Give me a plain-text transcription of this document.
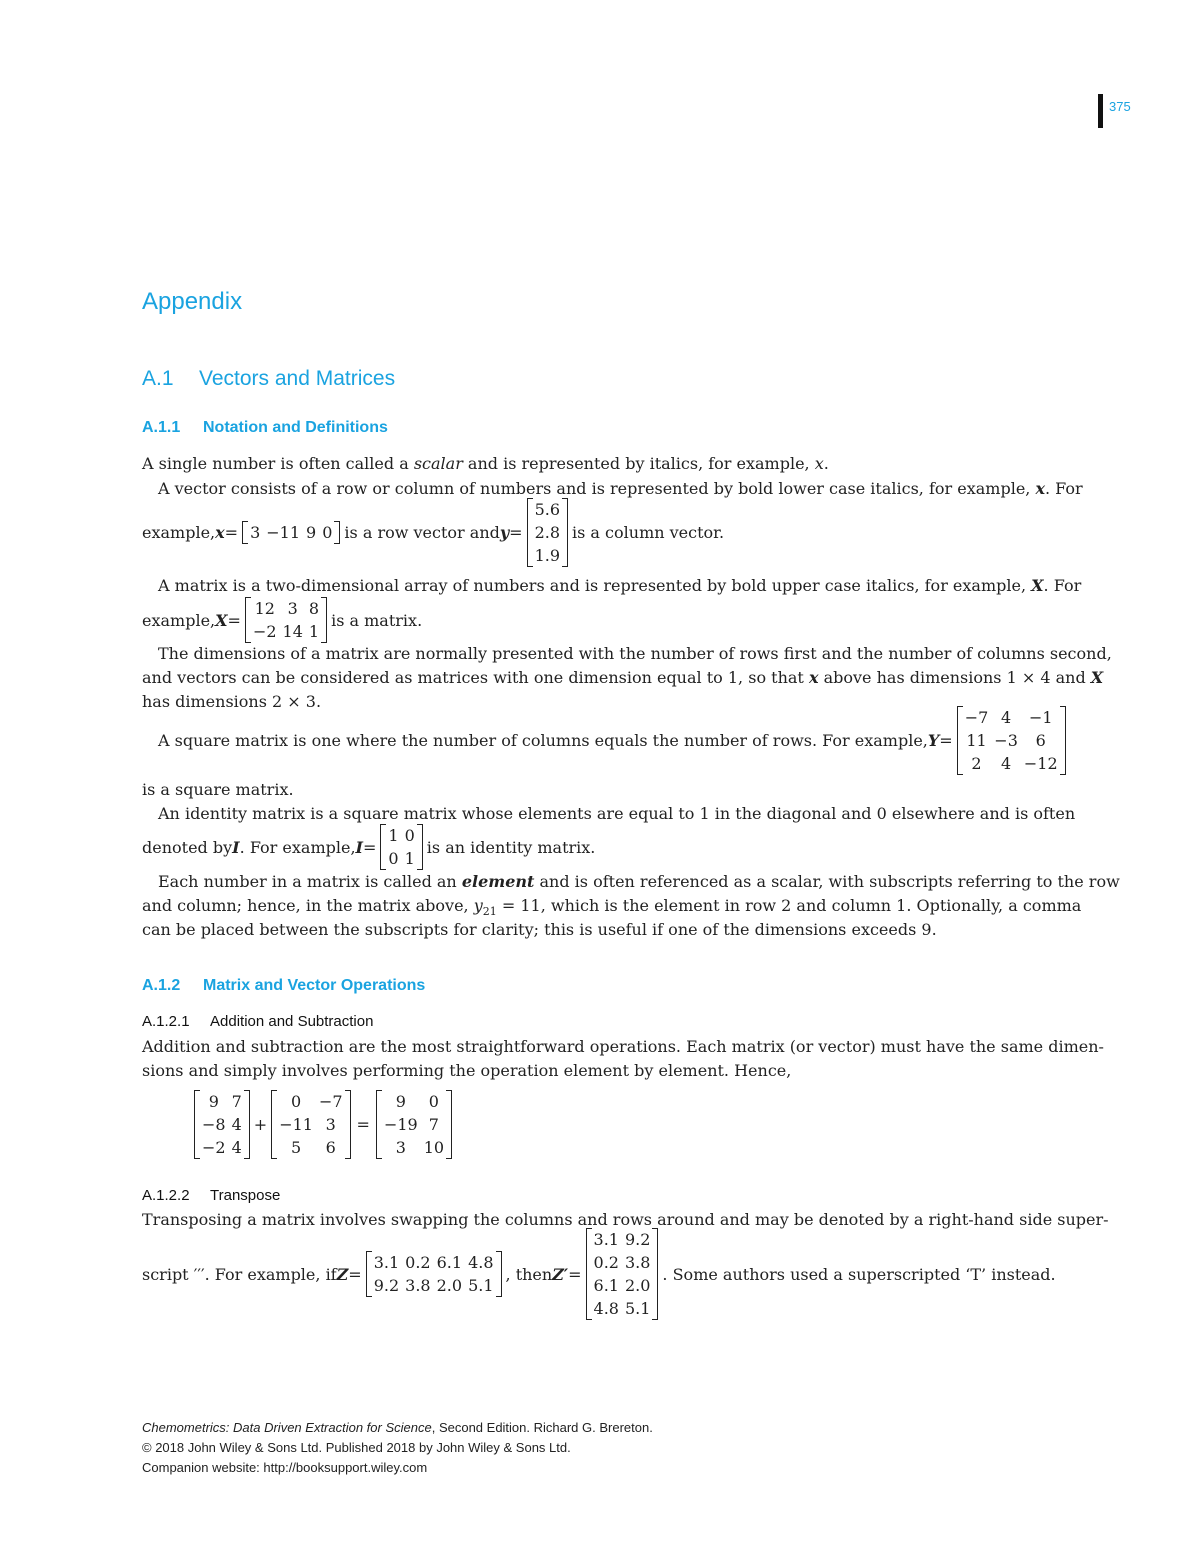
375
Appendix
A.1 Vectors and Matrices
A.1.1 Notation and Definitions
A single number is often called a scalar and is represented by italics, for example, x.
A vector consists of a row or column of numbers and is represented by bold lower case italics, for example, x. For
example, x = 3 −11 9 0 is a row vector and y =
5.6
2.8
1.9
is a column vector.
A matrix is a two-dimensional array of numbers and is represented by bold upper case italics, for example, X. For
example, X =
12 3 8
−2 14 1
is a matrix.
The dimensions of a matrix are normally presented with the number of rows first and the number of columns second,
and vectors can be considered as matrices with one dimension equal to 1, so that x above has dimensions 1 × 4 and X
has dimensions 2 × 3.
A square matrix is one where the number of columns equals the number of rows. For example, Y =
−7 4	−1
11 −3	6
2	4 −12
is a square matrix.
An identity matrix is a square matrix whose elements are equal to 1 in the diagonal and 0 elsewhere and is often
denoted by I . For example, I =
1 0
0 1
is an identity matrix.
Each number in a matrix is called an element and is often referenced as a scalar, with subscripts referring to the row
and column; hence, in the matrix above, $y_{21} = 11$, which is the element in row 2 and column 1. Optionally, a comma
can be placed between the subscripts for clarity; this is useful if one of the dimensions exceeds 9.
A.1.2 Matrix and Vector Operations
A.1.2.1 Addition and Subtraction
Addition and subtraction are the most straightforward operations. Each matrix (or vector) must have the same dimen-
sions and simply involves performing the operation element by element. Hence,
9 7
−8 4
−2 4
+
0	−7
−11 3
5	6
=
9	0
−19 7
3	10
A.1.2.2 Transpose
Transposing a matrix involves swapping the columns and rows around and may be denoted by a right-hand side super-
script ′′′. For example, if Z =
3.1 0.2 6.1 4.8
9.2 3.8 2.0 5.1
, then Z′ =
3.1 9.2
0.2 3.8
6.1 2.0
4.8 5.1
. Some authors used a superscripted ‘T’ instead.
Chemometrics: Data Driven Extraction for Science, Second Edition. Richard G. Brereton.
© 2018 John Wiley & Sons Ltd. Published 2018 by John Wiley & Sons Ltd.
Companion website: http://booksupport.wiley.com
